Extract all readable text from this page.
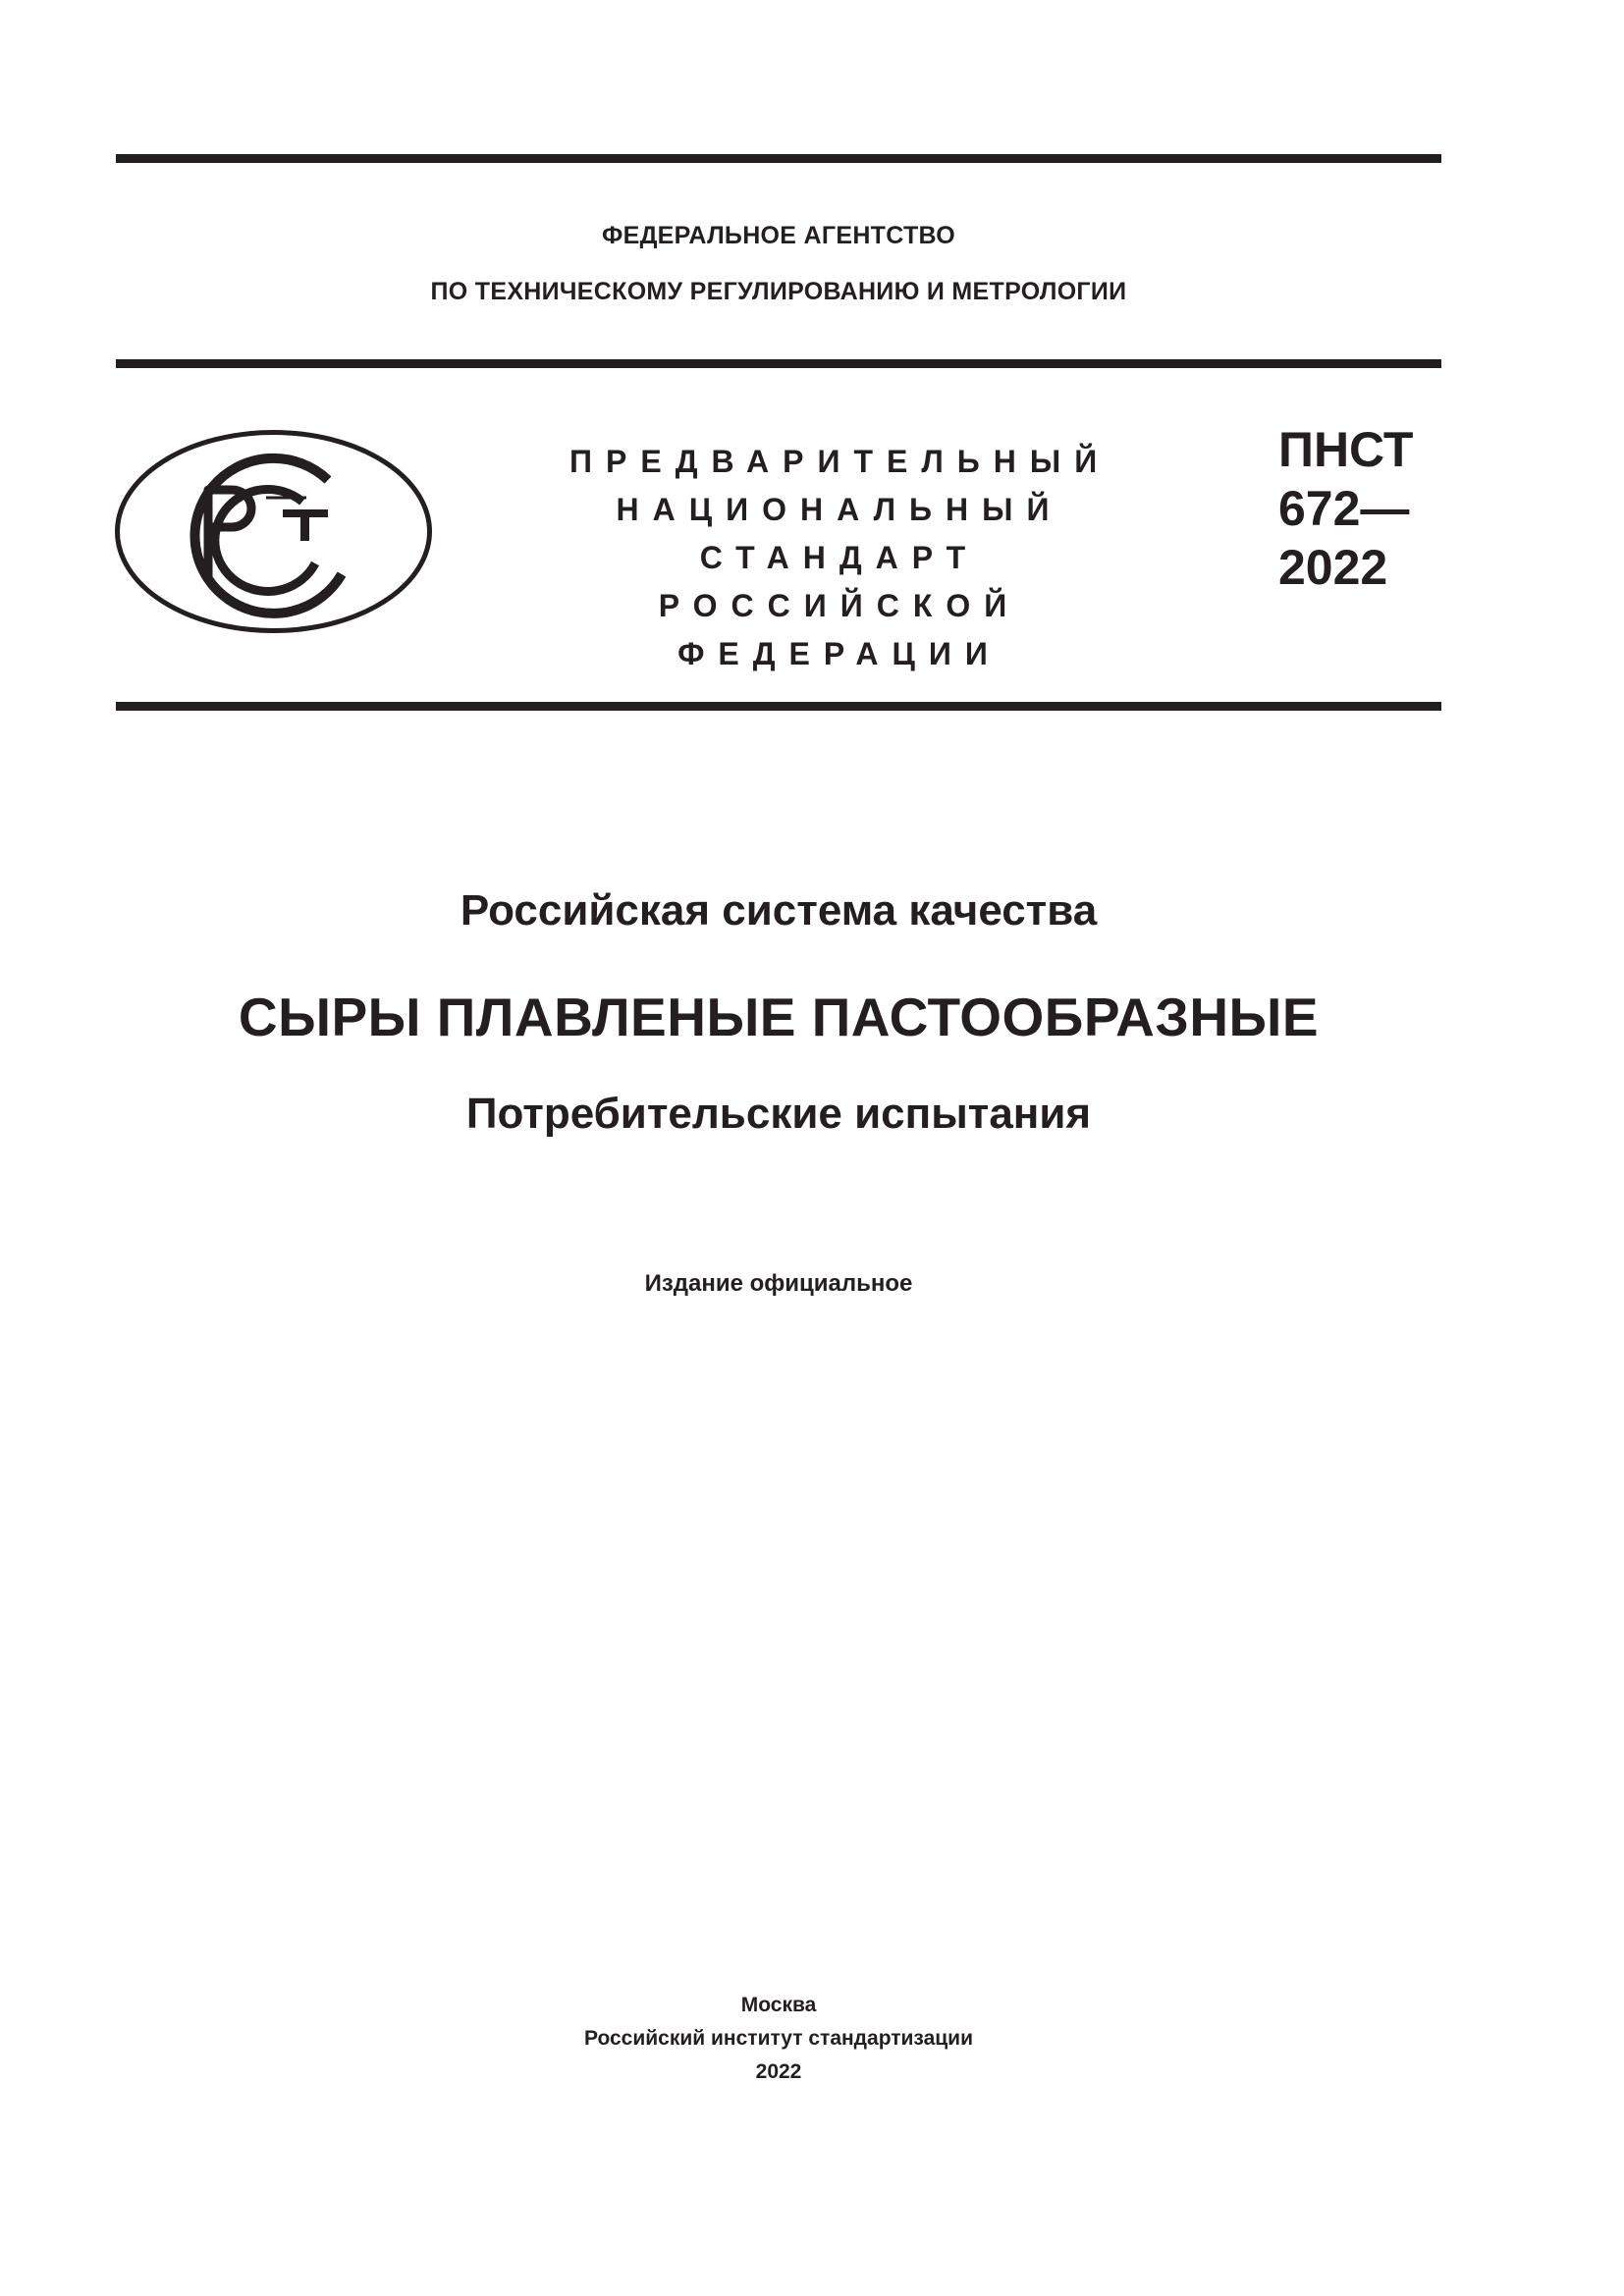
ФЕДЕРАЛЬНОЕ АГЕНТСТВО
ПО ТЕХНИЧЕСКОМУ РЕГУЛИРОВАНИЮ И МЕТРОЛОГИИ
ПРЕДВАРИТЕЛЬНЫЙ
НАЦИОНАЛЬНЫЙ
СТАНДАРТ
РОССИЙСКОЙ
ФЕДЕРАЦИИ
ПНСТ
672—
2022
Российская система качества
СЫРЫ ПЛАВЛЕНЫЕ ПАСТООБРАЗНЫЕ
Потребительские испытания
Издание официальное
Москва
Российский институт стандартизации
2022
